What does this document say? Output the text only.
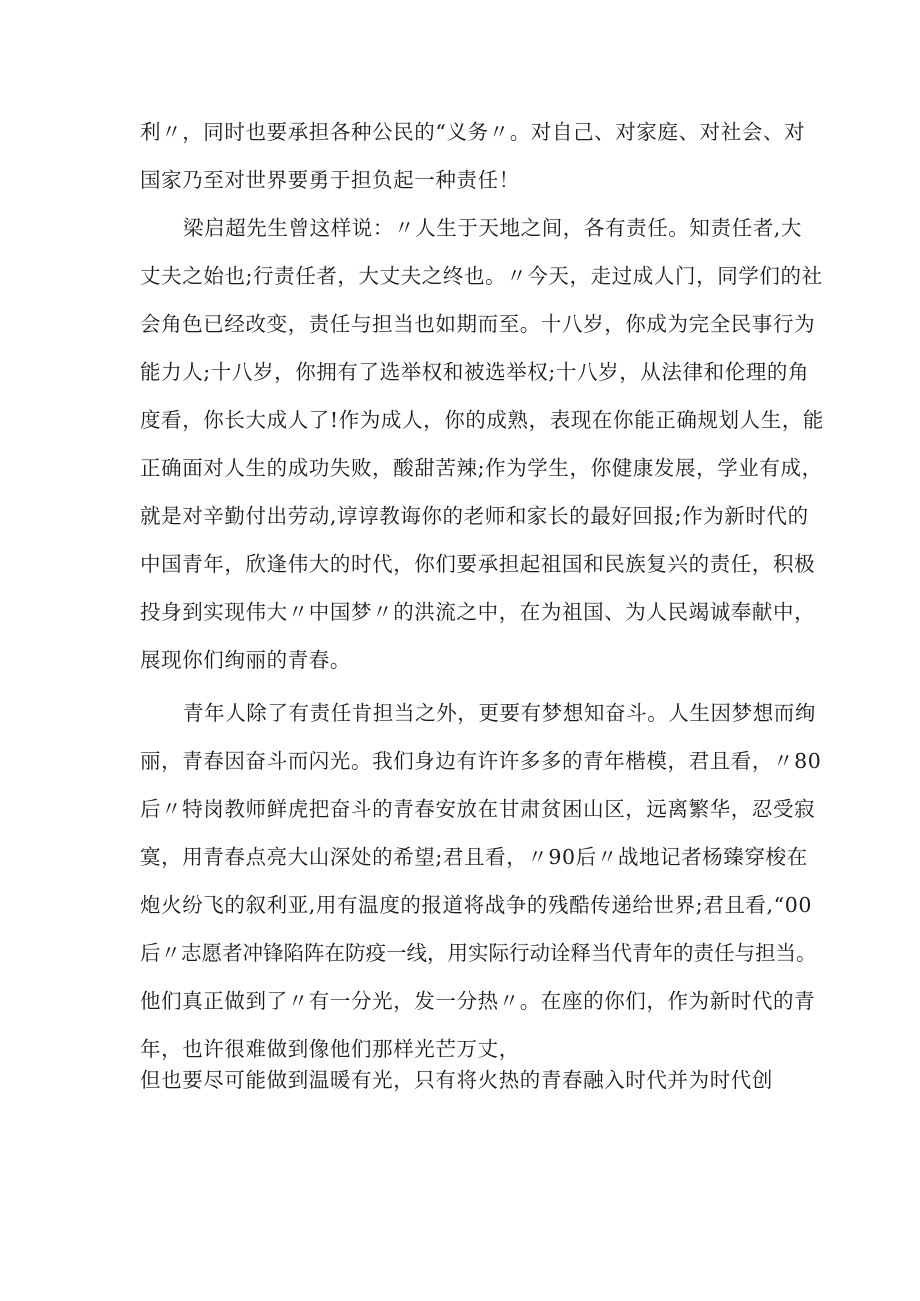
利〃，同时也要承担各种公民的“义务〃。对自己、对家庭、对社会、对

国家乃至对世界要勇于担负起一种责任！

梁启超先生曾这样说：〃人生于天地之间，各有责任。知责任者,大

丈夫之始也;行责任者，大丈夫之终也。〃今天，走过成人门，同学们的社

会角色已经改变，责任与担当也如期而至。十八岁，你成为完全民事行为

能力人;十八岁，你拥有了选举权和被选举权;十八岁，从法律和伦理的角

度看，你长大成人了!作为成人，你的成熟，表现在你能正确规划人生，能

正确面对人生的成功失败，酸甜苦辣;作为学生，你健康发展，学业有成，

就是对辛勤付出劳动,谆谆教诲你的老师和家长的最好回报;作为新时代的

中国青年，欣逢伟大的时代，你们要承担起祖国和民族复兴的责任，积极

投身到实现伟大〃中国梦〃的洪流之中，在为祖国、为人民竭诚奉献中，

展现你们绚丽的青春。

青年人除了有责任肯担当之外，更要有梦想知奋斗。人生因梦想而绚

丽，青春因奋斗而闪光。我们身边有许许多多的青年楷模，君且看，〃80

后〃特岗教师鲜虎把奋斗的青春安放在甘肃贫困山区，远离繁华，忍受寂

寞，用青春点亮大山深处的希望;君且看，〃90后〃战地记者杨臻穿梭在

炮火纷飞的叙利亚,用有温度的报道将战争的残酷传递给世界;君且看,“00

后〃志愿者冲锋陷阵在防疫一线，用实际行动诠释当代青年的责任与担当。

他们真正做到了〃有一分光，发一分热〃。在座的你们，作为新时代的青

年，也许很难做到像他们那样光芒万丈，

但也要尽可能做到温暖有光，只有将火热的青春融入时代并为时代创
